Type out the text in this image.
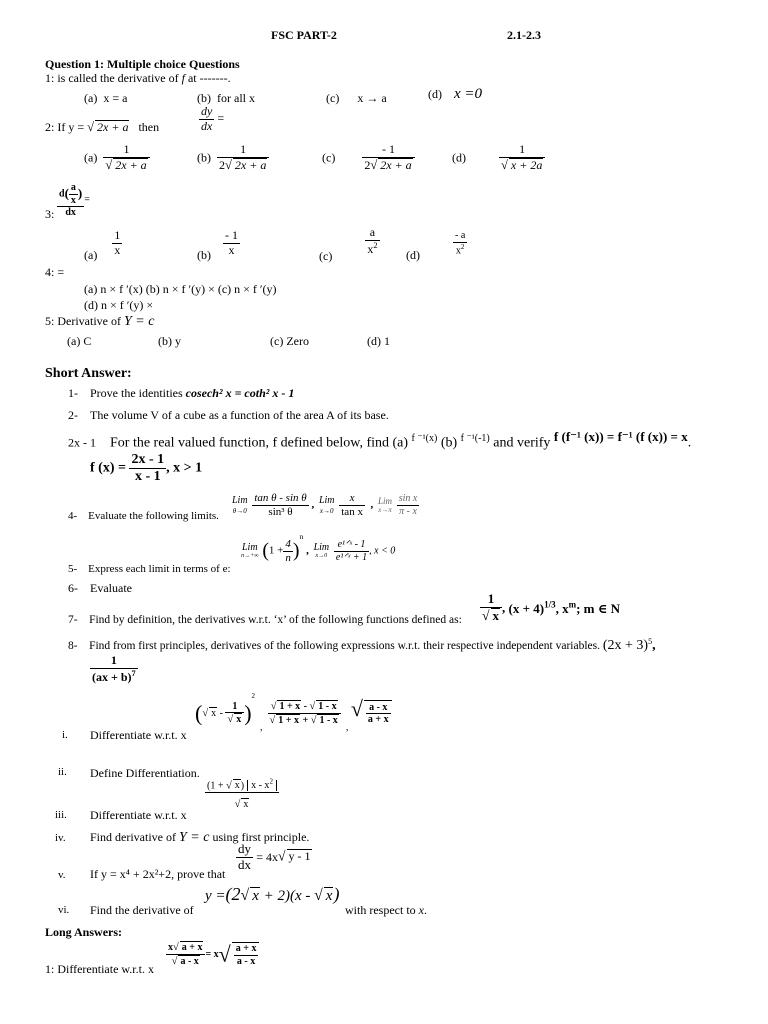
FSC PART-2	2.1-2.3
Question 1: Multiple choice Questions
1: is called the derivative of f at -------.
(a) x = a	(b) for all x	(c) x → a	(d) x =0
2: If y = √ 2x + a then	$\frac{dy}{dx}$ =
$(a) \frac{1}{√ 2x + a}$	$(b) \frac{1}{2√ 2x + a}$	$(c) \frac{- 1}{2√ 2x + a}$	(d)	$\frac{1}{√ x + 2a}$
$\frac{d( \frac{a}{x} )}{dx}$ =
3:
$(a) \frac{1}{x}$	$(b) \frac{- 1}{x}$	(c)	$\frac{a}{x^2} (d)$	$\frac{- a}{x^2}$
4: =
(a) n × f ′(x) (b) n × f ′(y) × (c) n × f ′(y)
(d) n × f ′(y) ×
5: Derivative of Y = c
(a) C	(b) y	(c) Zero	(d) 1
Short Answer:
1- Prove the identities cosech² x = coth² x - 1
2- The volume V of a cube as a function of the area A of its base.
2x - 1 For the real valued function, f defined below, find (a) $^{f ^{-1}(x)}$ (b) $^{f ^{-1}(-1)}$ and verify f (f⁻¹ (x)) = f⁻¹ (f (x)) = x.
f $(x) = \frac{2x - 1}{x - 1}$ , x > 1
4- Evaluate the following limits.
Lim
θ→0
$\frac{\text{tan θ - sin θ}}{\text{sin³ θ}}$ , Lim
x→0
$\frac{x}{\text{tan x}}$ , Lim
x→π
$\frac{\text{sin x}}{\pi - x}$
5- Express each limit in terms of e:
Lim
n→+∞ $(1 + \frac{4}{n} )^n$ , Lim
x→0
$\frac{\text{e¹ᐟˣ - 1}}{\text{e¹ᐟˣ + 1}}$ , x < 0
6- Evaluate
7- Find by definition, the derivatives w.r.t. ‘x’ of the following functions defined as: $\frac{1}{√ x}$ , $(x + 4)^{1/3}$, $x^m$; m ∈ N
8- Find from first principles, derivatives of the following expressions w.r.t. their respective independent variables. $(2x + 3)^5$,
$\frac{1}{(ax + b)^7}$
i. Differentiate w.r.t. x
(√ x - $\frac{1}{√ x} )^2$  ,
$\frac{√ 1 + x - √ 1 - x}{√ 1 + x + √ 1 - x}$
, √ $\frac{a - x}{a + x}$
ii. Define Differentiation.
iii. Differentiate w.r.t. x
$\frac{(1 + √ x) x - x^2}{√ x}$
iv. Find derivative of Y = c using first principle.
v. If y = x⁴ + 2x²+2, prove that
$\frac{dy}{dx} = 4x√$ y - 1
vi. Find the derivative of
y =(2√ x + 2)(x - √ x)
with respect to x.
Long Answers:
1: Differentiate w.r.t. x
$\frac{x√ a + x}{√ a - x} = x√ \frac{a + x}{a - x}$
